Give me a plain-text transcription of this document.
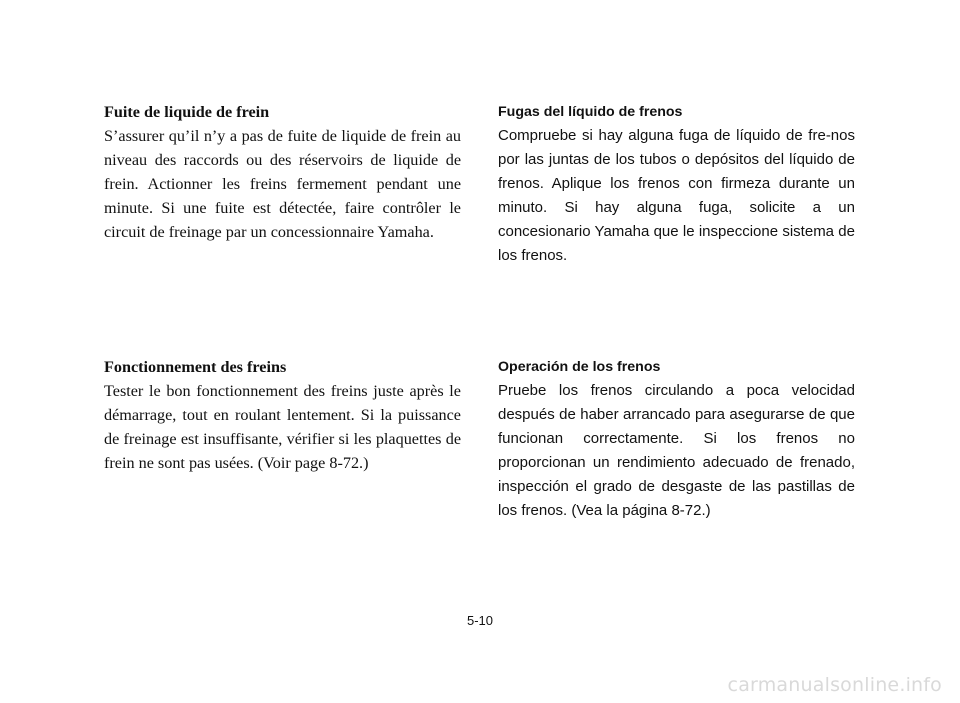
Fuite de liquide de frein
S’assurer qu’il n’y a pas de fuite de liquide de frein au niveau des raccords ou des réservoirs de liquide de frein. Actionner les freins fermement pendant une minute. Si une fuite est détectée, faire contrôler le circuit de freinage par un concessionnaire Yamaha.
Fugas del líquido de frenos
Compruebe si hay alguna fuga de líquido de fre-nos por las juntas de los tubos o depósitos del líquido de frenos. Aplique los frenos con firmeza durante un minuto. Si hay alguna fuga, solicite a un concesionario Yamaha que le inspeccione sistema de los frenos.
Fonctionnement des freins
Tester le bon fonctionnement des freins juste après le démarrage, tout en roulant lentement. Si la puissance de freinage est insuffisante, vérifier si les plaquettes de frein ne sont pas usées. (Voir page 8-72.)
Operación de los frenos
Pruebe los frenos circulando a poca velocidad después de haber arrancado para asegurarse de que funcionan correctamente. Si los frenos no proporcionan un rendimiento adecuado de frenado, inspección el grado de desgaste de las pastillas de los frenos. (Vea la página 8-72.)
5-10
carmanualsonline.info
